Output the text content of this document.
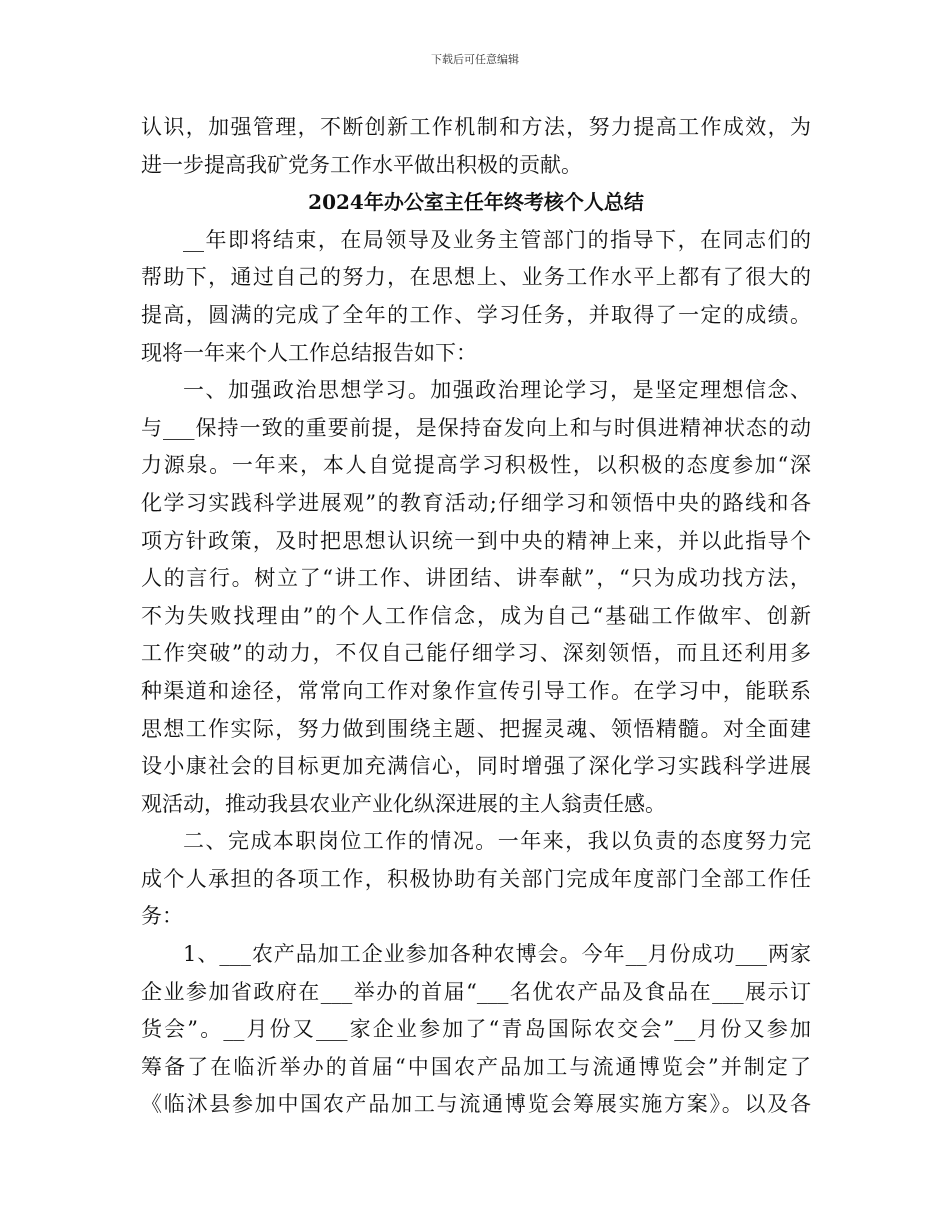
下载后可任意编辑
认识，加强管理，不断创新工作机制和方法，努力提高工作成效，为
进一步提高我矿党务工作水平做出积极的贡献。
2024年办公室主任年终考核个人总结
__年即将结束，在局领导及业务主管部门的指导下，在同志们的
帮助下，通过自己的努力，在思想上、业务工作水平上都有了很大的
提高，圆满的完成了全年的工作、学习任务，并取得了一定的成绩。
现将一年来个人工作总结报告如下：
一、加强政治思想学习。加强政治理论学习，是坚定理想信念、
与___保持一致的重要前提，是保持奋发向上和与时俱进精神状态的动
力源泉。一年来，本人自觉提高学习积极性，以积极的态度参加“深
化学习实践科学进展观”的教育活动;仔细学习和领悟中央的路线和各
项方针政策，及时把思想认识统一到中央的精神上来，并以此指导个
人的言行。树立了“讲工作、讲团结、讲奉献”，“只为成功找方法，
不为失败找理由”的个人工作信念，成为自己“基础工作做牢、创新
工作突破”的动力，不仅自己能仔细学习、深刻领悟，而且还利用多
种渠道和途径，常常向工作对象作宣传引导工作。在学习中，能联系
思想工作实际，努力做到围绕主题、把握灵魂、领悟精髓。对全面建
设小康社会的目标更加充满信心，同时增强了深化学习实践科学进展
观活动，推动我县农业产业化纵深进展的主人翁责任感。
二、完成本职岗位工作的情况。一年来，我以负责的态度努力完
成个人承担的各项工作，积极协助有关部门完成年度部门全部工作任
务：
1、___农产品加工企业参加各种农博会。今年__月份成功___两家
企业参加省政府在___举办的首届“___名优农产品及食品在___展示订
货会”。__月份又___家企业参加了“青岛国际农交会”__月份又参加
筹备了在临沂举办的首届“中国农产品加工与流通博览会”并制定了
《临沭县参加中国农产品加工与流通博览会筹展实施方案》。以及各
